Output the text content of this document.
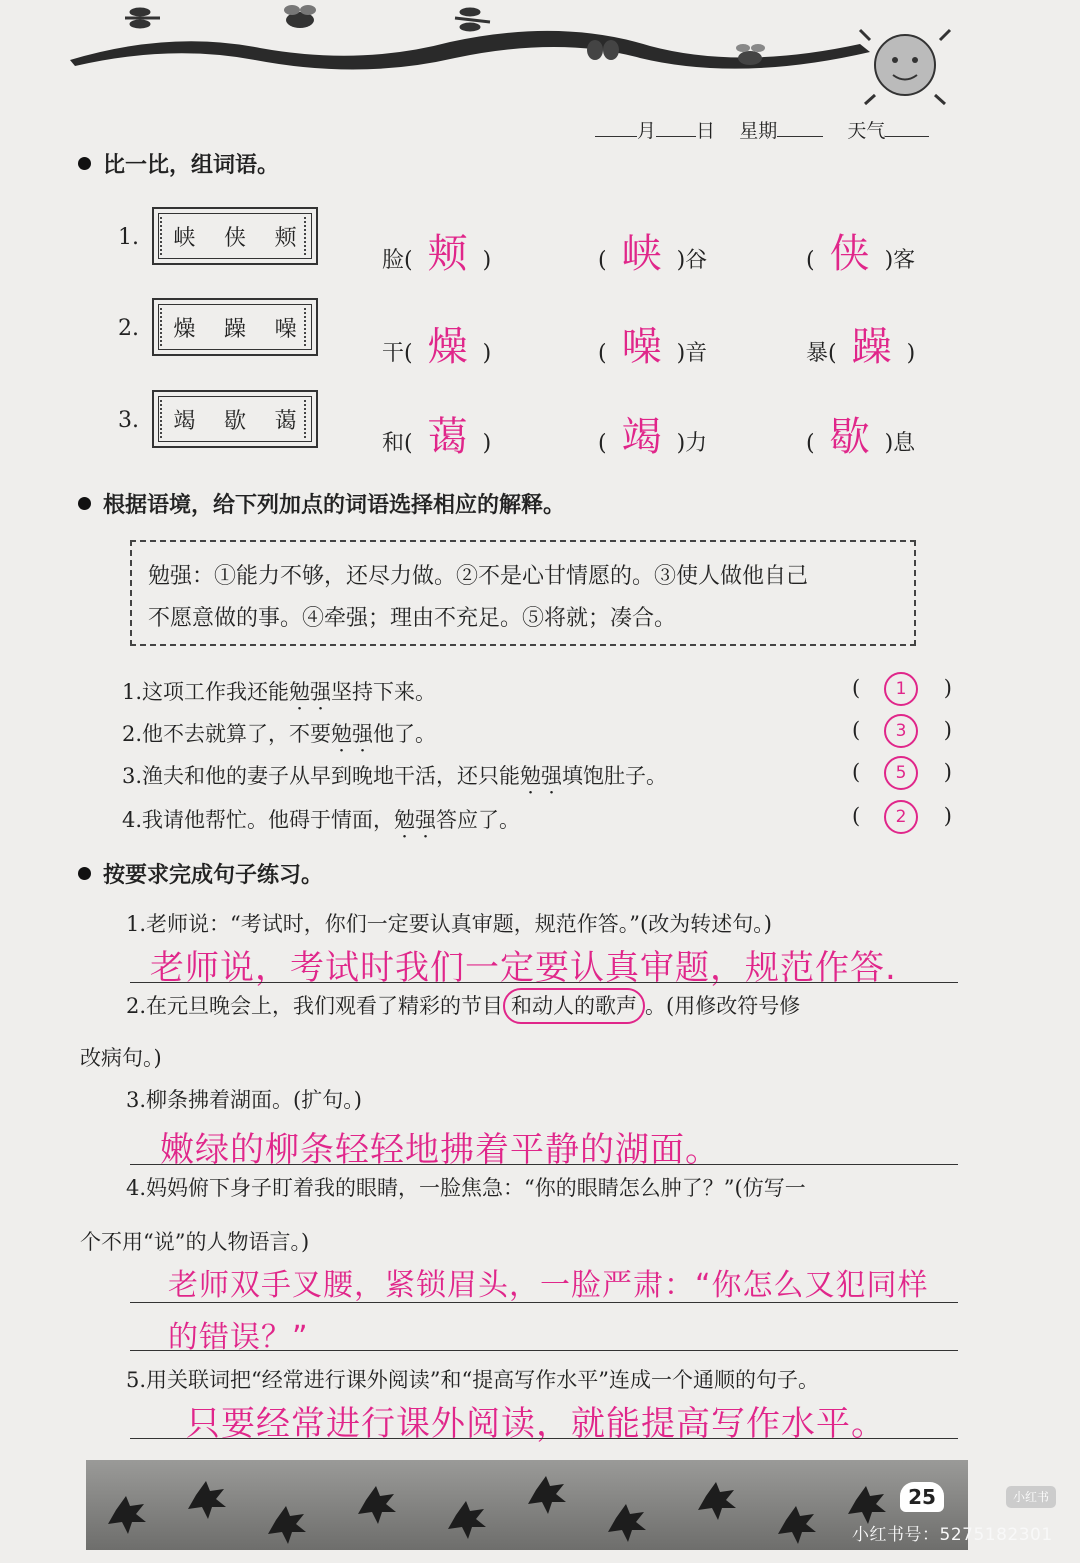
月 日 星期	天气
比一比，组词语。
1. 峡 侠 颊
脸( 颊 )	( 峡 )谷	( 侠 )客
2. 燥 躁 噪
干( 燥 )	( 噪 )音	暴( 躁 )
3. 竭 歇 蔼
和( 蔼 )	( 竭 )力	( 歇 )息
根据语境，给下列加点的词语选择相应的解释。
勉强：①能力不够，还尽力做。②不是心甘情愿的。③使人做他自己
不愿意做的事。④牵强；理由不充足。⑤将就；凑合。
1.这项工作我还能勉强坚持下来。	(	)
1
2.他不去就算了，不要勉强他了。	(	)
3
3.渔夫和他的妻子从早到晚地干活，还只能勉强填饱肚子。	(	)
5
4.我请他帮忙。他碍于情面，勉强答应了。	(	)
2
按要求完成句子练习。
1.老师说：“考试时，你们一定要认真审题，规范作答。”(改为转述句。)
老师说，考试时我们一定要认真审题，规范作答.
2.在元旦晚会上，我们观看了精彩的节目 和动人的歌声 。(用修改符号修
改病句。)
3.柳条拂着湖面。(扩句。)
嫩绿的柳条轻轻地拂着平静的湖面。
4.妈妈俯下身子盯着我的眼睛，一脸焦急：“你的眼睛怎么肿了？”(仿写一
个不用“说”的人物语言。)
老师双手叉腰，紧锁眉头，一脸严肃：“你怎么又犯同样
的错误？”
5.用关联词把“经常进行课外阅读”和“提高写作水平”连成一个通顺的句子。
只要经常进行课外阅读，就能提高写作水平。
25	小红书
小红书号：5275182301
